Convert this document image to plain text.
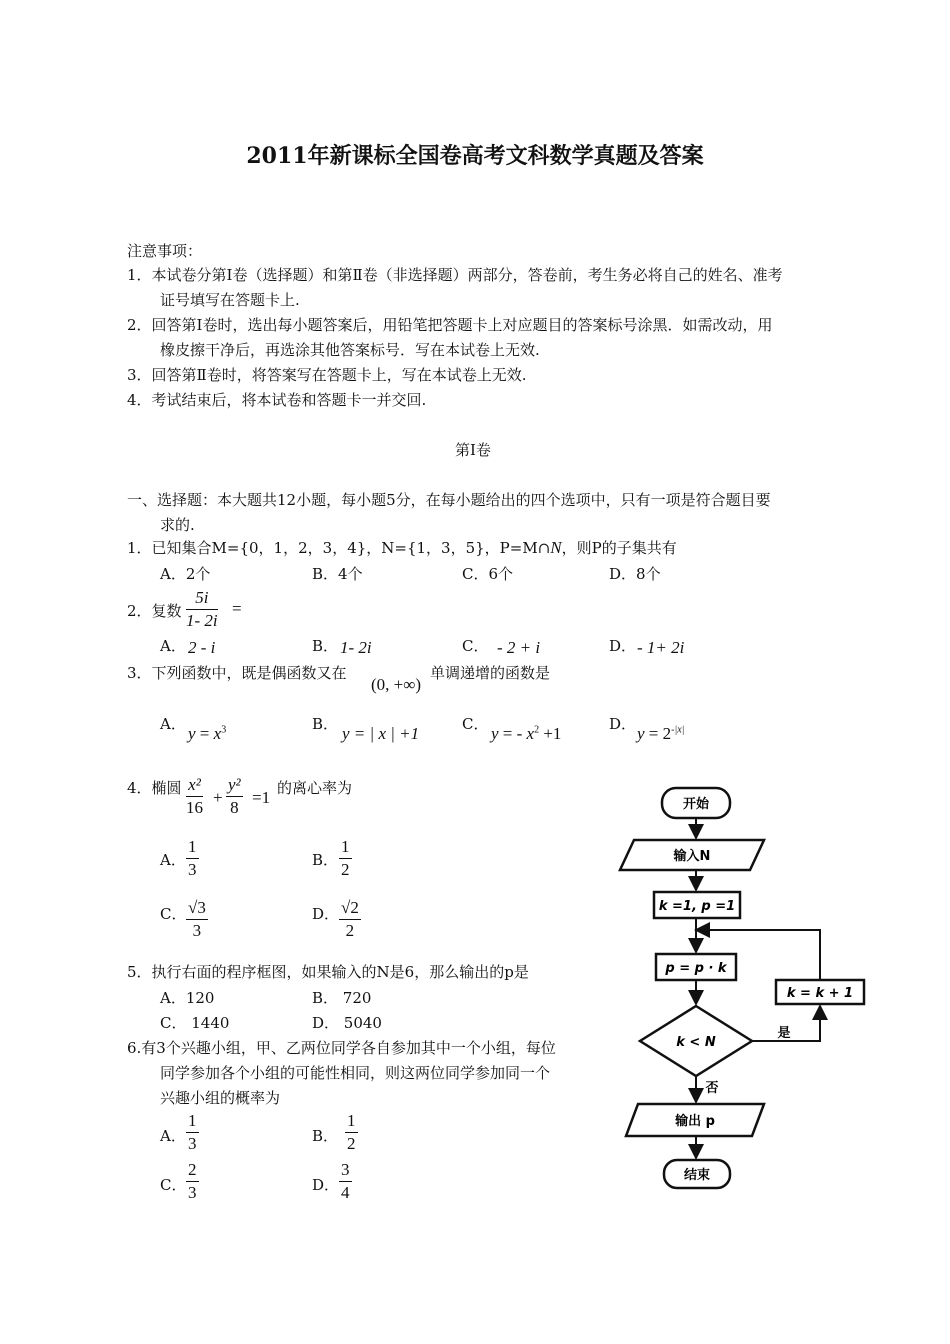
2011年新课标全国卷高考文科数学真题及答案
注意事项：
1．本试卷分第Ⅰ卷（选择题）和第Ⅱ卷（非选择题）两部分，答卷前，考生务必将自己的姓名、准考
证号填写在答题卡上.
2．回答第Ⅰ卷时，选出每小题答案后，用铅笔把答题卡上对应题目的答案标号涂黑．如需改动，用
橡皮擦干净后，再选涂其他答案标号．写在本试卷上无效.
3．回答第Ⅱ卷时，将答案写在答题卡上，写在本试卷上无效.
4．考试结束后，将本试卷和答题卡一并交回.
第Ⅰ卷
一、选择题：本大题共12小题，每小题5分，在每小题给出的四个选项中，只有一项是符合题目要
求的.
1．已知集合M={0，1，2，3，4}，N={1，3，5}，P=M∩N，则P的子集共有
A．2个	B．4个	C．6个	D．8个
2．复数 $\frac{5i}{1- 2i}$ =
A． 2 - i	B． 1- 2i	C． - 2 + i	D． - 1+ 2i
3．下列函数中，既是偶函数又在
(0, +∞)
单调递增的函数是
A． $y = x^3$	B． y = | x | +1	C． y = - $x^2 +1$	D． $y = 2^{-|x|}$
4．椭圆 $\frac{\text{x²}}{16} + \frac{\text{y²}}{8} =1$ 的离心率为
A． $\frac{1}{3}$	B． $\frac{1}{2}$
C． $\frac{√3}{3}$	D． $\frac{√2}{2}$
5．执行右面的程序框图，如果输入的N是6，那么输出的p是
A．120	B． 720
C． 1440	D． 5040
6.有3个兴趣小组，甲、乙两位同学各自参加其中一个小组，每位
同学参加各个小组的可能性相同，则这两位同学参加同一个
兴趣小组的概率为
A． $\frac{1}{3}$	B． $\frac{1}{2}$
C． $\frac{2}{3}$	D． $\frac{3}{4}$
开始
输入N
k =1, p =1
p = p · k
k < N
是
k = k + 1
否
输出 p
结束
